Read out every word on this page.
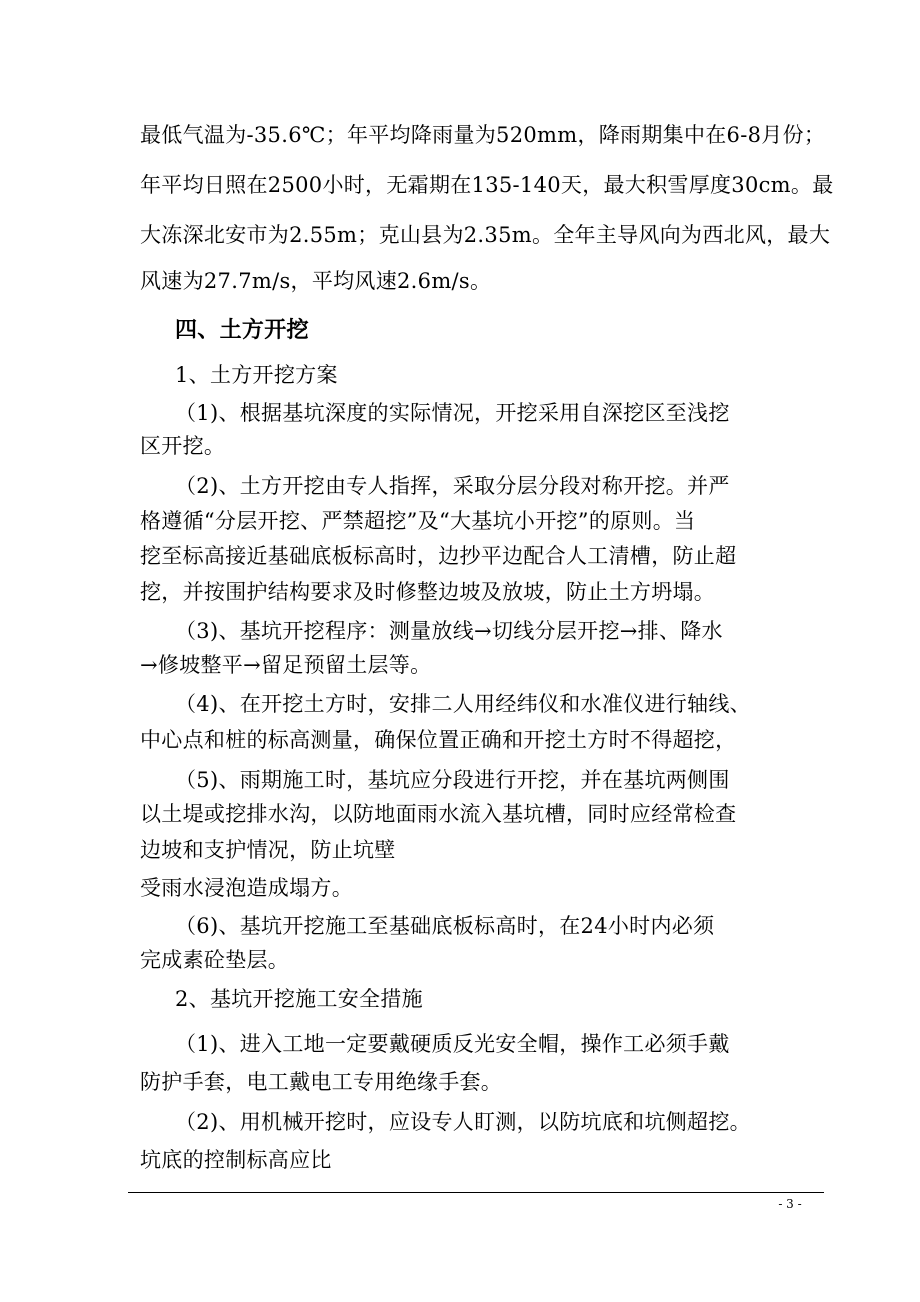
最低气温为-35.6℃；年平均降雨量为520mm，降雨期集中在6-8月份；
年平均日照在2500小时，无霜期在135-140天，最大积雪厚度30cm。最
大冻深北安市为2.55m；克山县为2.35m。全年主导风向为西北风，最大
风速为27.7m/s，平均风速2.6m/s。
四、土方开挖
1、土方开挖方案
（1)、根据基坑深度的实际情况，开挖采用自深挖区至浅挖
区开挖。
（2)、土方开挖由专人指挥，采取分层分段对称开挖。并严
格遵循“分层开挖、严禁超挖”及“大基坑小开挖”的原则。当
挖至标高接近基础底板标高时，边抄平边配合人工清槽，防止超
挖，并按围护结构要求及时修整边坡及放坡，防止土方坍塌。
（3)、基坑开挖程序：测量放线→切线分层开挖→排、降水
→修坡整平→留足预留土层等。
（4)、在开挖土方时，安排二人用经纬仪和水准仪进行轴线、
中心点和桩的标高测量，确保位置正确和开挖土方时不得超挖，
（5)、雨期施工时，基坑应分段进行开挖，并在基坑两侧围
以土堤或挖排水沟，以防地面雨水流入基坑槽，同时应经常检查
边坡和支护情况，防止坑壁
受雨水浸泡造成塌方。
（6)、基坑开挖施工至基础底板标高时，在24小时内必须
完成素砼垫层。
2、基坑开挖施工安全措施
（1)、进入工地一定要戴硬质反光安全帽，操作工必须手戴
防护手套，电工戴电工专用绝缘手套。
（2)、用机械开挖时，应设专人盯测，以防坑底和坑侧超挖。
坑底的控制标高应比
- 3 -
